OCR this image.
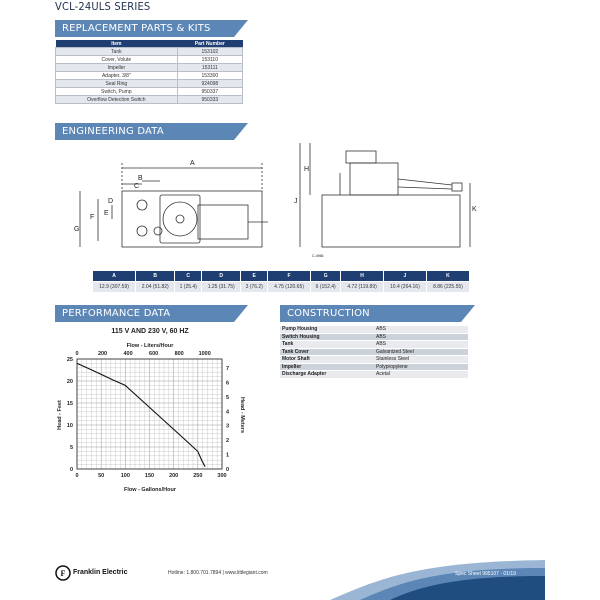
VCL-24ULS SERIES
REPLACEMENT PARTS & KITS
Item	Part Number
Tank	153102
Cover, Volute	153110
Impeller	153111
Adapter, 3/8"	153300
Seal Ring	924098
Switch, Pump	950337
Overflow Detection Switch	950333
ENGINEERING DATA
A
B
C
D
E
F
G
H
J
K
C-4966
A	B	C	D	E	F	G	H	J	K
12.9 (307.59)	2.04 (51.82)	1 (25.4)	1.25 (31.75)	3 (76.2)	4.75 (120.65)	6 (152.4)	4.72 (119.89)	10.4 (264.16)	8.86 (225.55)
PERFORMANCE DATA
115 V AND 230 V, 60 HZ
Flow - Liters/Hour
Flow - Gallons/Hour
Head - Feet	Head - Meters
0	50	100	150	200	250	300
0
5
10
15
20
25
0	200	400	600	800	1000
0
1
2
3
4
5
6
7
CONSTRUCTION
Pump Housing	ABS
Switch Housing	ABS
Tank	ABS
Tank Cover	Galvanized Steel
Motor Shaft	Stainless Steel
Impeller	Polypropylene
Discharge Adapter	Acetal
F Franklin Electric	Hotline: 1.800.701.7894 | www.littlegiant.com	Spec Sheet 995107 · 01/19
